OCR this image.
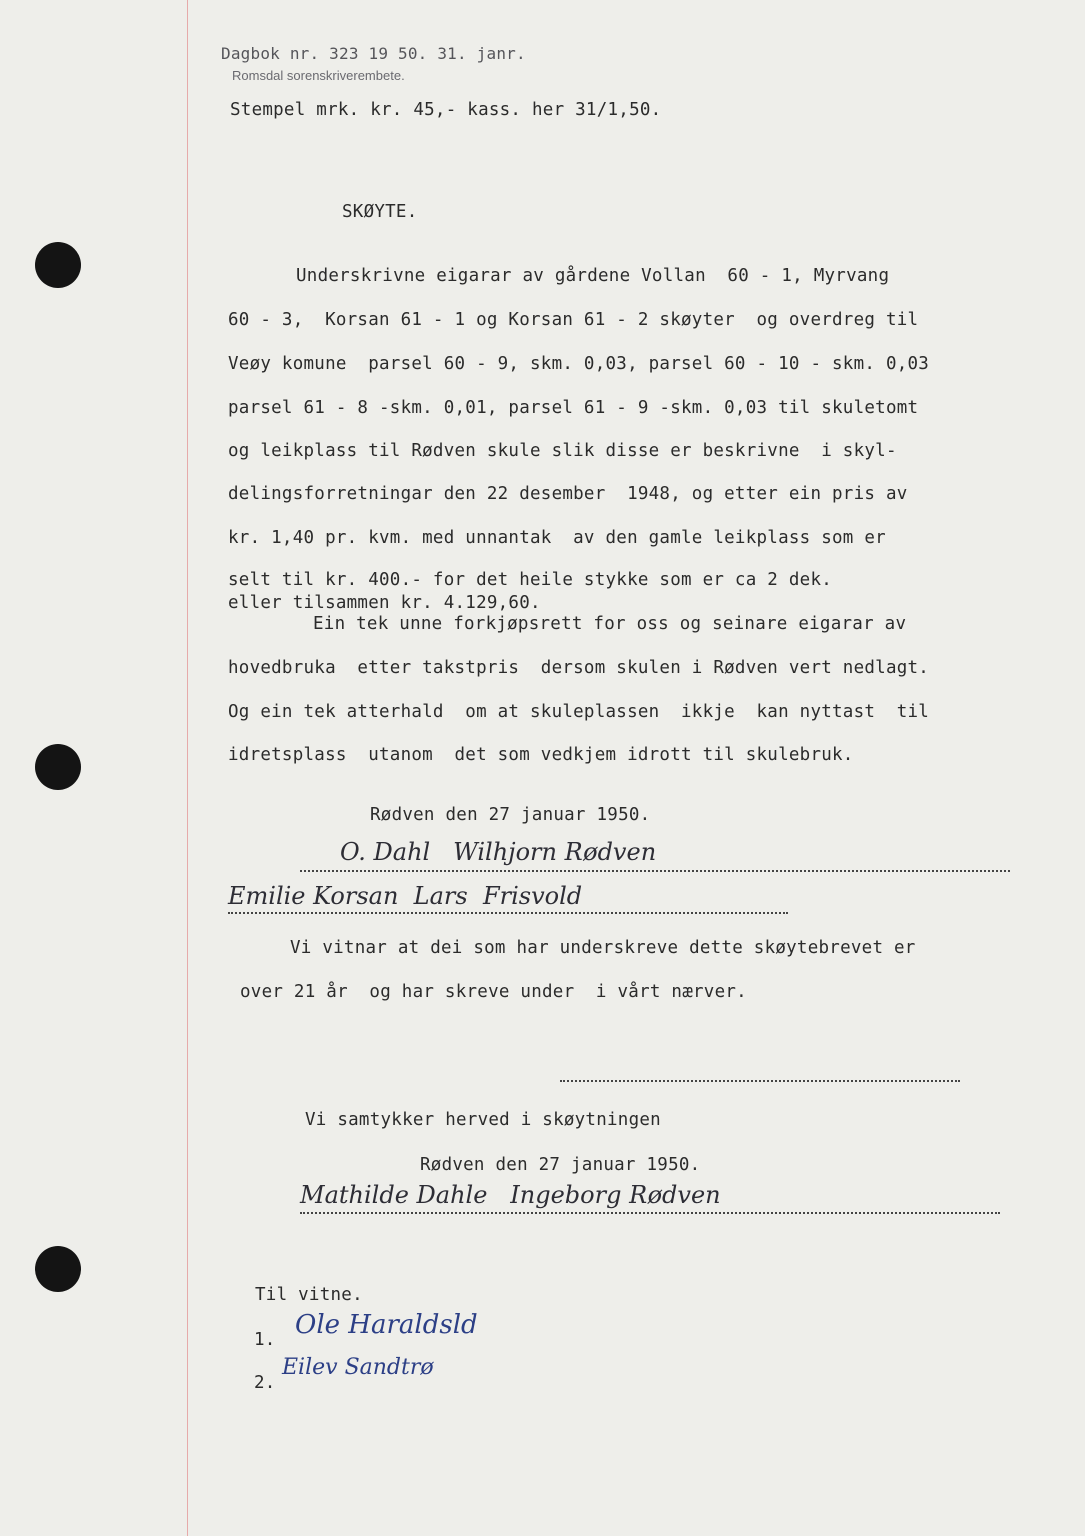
Dagbok nr. 323 19 50. 31. janr.
Romsdal sorenskriverembete.
Stempel mrk. kr. 45,- kass. her 31/1,50.
SKØYTE.
Underskrivne eigarar av gårdene Vollan  60 - 1, Myrvang
60 - 3,  Korsan 61 - 1 og Korsan 61 - 2 skøyter  og overdreg til
Veøy komune  parsel 60 - 9, skm. 0,03, parsel 60 - 10 - skm. 0,03
parsel 61 - 8 -skm. 0,01, parsel 61 - 9 -skm. 0,03 til skuletomt
og leikplass til Rødven skule slik disse er beskrivne  i skyl-
delingsforretningar den 22 desember  1948, og etter ein pris av
kr. 1,40 pr. kvm. med unnantak  av den gamle leikplass som er
selt til kr. 400.- for det heile stykke som er ca 2 dek.
eller tilsammen kr. 4.129,60.
Ein tek unne forkjøpsrett for oss og seinare eigarar av
hovedbruka  etter takstpris  dersom skulen i Rødven vert nedlagt.
Og ein tek atterhald  om at skuleplassen  ikkje  kan nyttast  til
idretsplass  utanom  det som vedkjem idrott til skulebruk.
Rødven den 27 januar 1950.
O. Dahl   Wilhjorn Rødven
Emilie Korsan  Lars  Frisvold
Vi vitnar at dei som har underskreve dette skøytebrevet er
over 21 år  og har skreve under  i vårt nærver.
Vi samtykker herved i skøytningen
Rødven den 27 januar 1950.
Mathilde Dahle   Ingeborg Rødven
Til vitne.
1. Ole Haraldsld
2.
Eilev Sandtrø
